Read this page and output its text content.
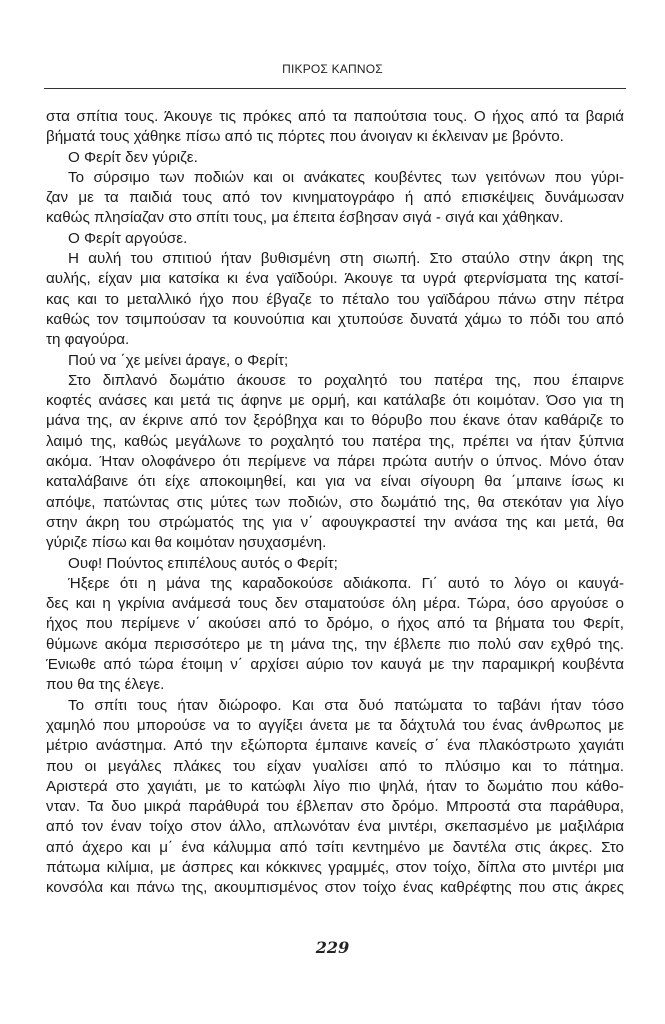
ΠΙΚΡΟΣ ΚΑΠΝΟΣ
στα σπίτια τους. Άκουγε τις πρόκες από τα παπούτσια τους. Ο ήχος από τα βαριά
βήματά τους χάθηκε πίσω από τις πόρτες που άνοιγαν κι έκλειναν με βρόντο.
Ο Φερίτ δεν γύριζε.
Το σύρσιμο των ποδιών και οι ανάκατες κουβέντες των γειτόνων που γύρι-
ζαν με τα παιδιά τους από τον κινηματογράφο ή από επισκέψεις δυνάμωσαν
καθώς πλησίαζαν στο σπίτι τους, μα έπειτα έσβησαν σιγά - σιγά και χάθηκαν.
Ο Φερίτ αργούσε.
Η αυλή του σπιτιού ήταν βυθισμένη στη σιωπή. Στο σταύλο στην άκρη της
αυλής, είχαν μια κατσίκα κι ένα γαϊδούρι. Άκουγε τα υγρά φτερνίσματα της κατσί-
κας και το μεταλλικό ήχο που έβγαζε το πέταλο του γαϊδάρου πάνω στην πέτρα
καθώς τον τσιμπούσαν τα κουνούπια και χτυπούσε δυνατά χάμω το πόδι του από
τη φαγούρα.
Πού να ΄χε μείνει άραγε, ο Φερίτ;
Στο διπλανό δωμάτιο άκουσε το ροχαλητό του πατέρα της, που έπαιρνε
κοφτές ανάσες και μετά τις άφηνε με ορμή, και κατάλαβε ότι κοιμόταν. Όσο για τη
μάνα της, αν έκρινε από τον ξερόβηχα και το θόρυβο που έκανε όταν καθάριζε το
λαιμό της, καθώς μεγάλωνε το ροχαλητό του πατέρα της, πρέπει να ήταν ξύπνια
ακόμα. Ήταν ολοφάνερο ότι περίμενε να πάρει πρώτα αυτήν ο ύπνος. Μόνο όταν
καταλάβαινε ότι είχε αποκοιμηθεί, και για να είναι σίγουρη θα ΄μπαινε ίσως κι
απόψε, πατώντας στις μύτες των ποδιών, στο δωμάτιό της, θα στεκόταν για λίγο
στην άκρη του στρώματός της για ν΄ αφουγκραστεί την ανάσα της και μετά, θα
γύριζε πίσω και θα κοιμόταν ησυχασμένη.
Ουφ! Πούντος επιπέλους αυτός ο Φερίτ;
Ήξερε ότι η μάνα της καραδοκούσε αδιάκοπα. Γι΄ αυτό το λόγο οι καυγά-
δες και η γκρίνια ανάμεσά τους δεν σταματούσε όλη μέρα. Τώρα, όσο αργούσε ο
ήχος που περίμενε ν΄ ακούσει από το δρόμο, ο ήχος από τα βήματα του Φερίτ,
θύμωνε ακόμα περισσότερο με τη μάνα της, την έβλεπε πιο πολύ σαν εχθρό της.
Ένιωθε από τώρα έτοιμη ν΄ αρχίσει αύριο τον καυγά με την παραμικρή κουβέντα
που θα της έλεγε.
Το σπίτι τους ήταν διώροφο. Και στα δυό πατώματα το ταβάνι ήταν τόσο
χαμηλό που μπορούσε να το αγγίξει άνετα με τα δάχτυλά του ένας άνθρωπος με
μέτριο ανάστημα. Από την εξώπορτα έμπαινε κανείς σ΄ ένα πλακόστρωτο χαγιάτι
που οι μεγάλες πλάκες του είχαν γυαλίσει από το πλύσιμο και το πάτημα.
Αριστερά στο χαγιάτι, με το κατώφλι λίγο πιο ψηλά, ήταν το δωμάτιο που κάθο-
νταν. Τα δυο μικρά παράθυρά του έβλεπαν στο δρόμο. Μπροστά στα παράθυρα,
από τον έναν τοίχο στον άλλο, απλωνόταν ένα μιντέρι, σκεπασμένο με μαξιλάρια
από άχερο και μ΄ ένα κάλυμμα από τσίτι κεντημένο με δαντέλα στις άκρες. Στο
πάτωμα κιλίμια, με άσπρες και κόκκινες γραμμές, στον τοίχο, δίπλα στο μιντέρι μια
κονσόλα και πάνω της, ακουμπισμένος στον τοίχο ένας καθρέφτης που στις άκρες
229
